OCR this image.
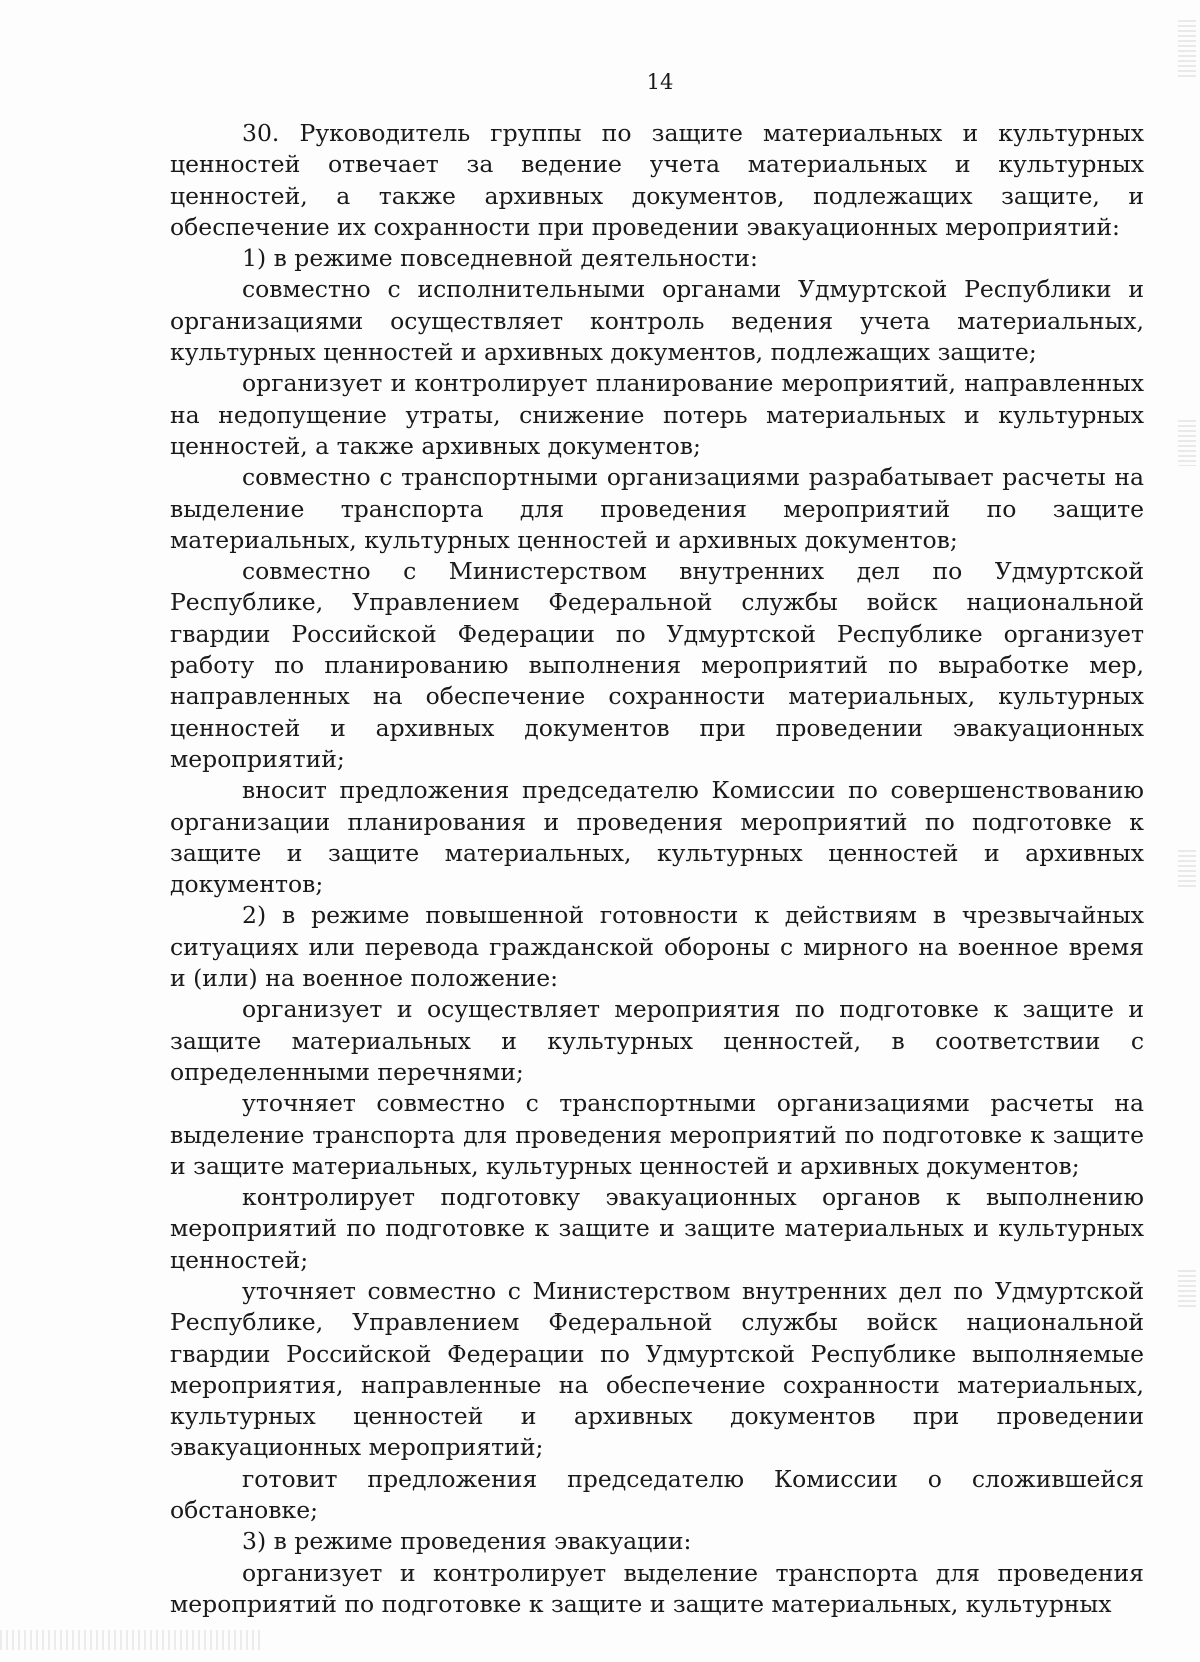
14

30. Руководитель группы по защите материальных и культурных ценностей отвечает за ведение учета материальных и культурных ценностей, а также архивных документов, подлежащих защите, и обеспечение их сохранности при проведении эвакуационных мероприятий:

1) в режиме повседневной деятельности:

совместно с исполнительными органами Удмуртской Республики и организациями осуществляет контроль ведения учета материальных, культурных ценностей и архивных документов, подлежащих защите;

организует и контролирует планирование мероприятий, направленных на недопущение утраты, снижение потерь материальных и культурных ценностей, а также архивных документов;

совместно с транспортными организациями разрабатывает расчеты на выделение транспорта для проведения мероприятий по защите материальных, культурных ценностей и архивных документов;

совместно с Министерством внутренних дел по Удмуртской Республике, Управлением Федеральной службы войск национальной гвардии Российской Федерации по Удмуртской Республике организует работу по планированию выполнения мероприятий по выработке мер, направленных на обеспечение сохранности материальных, культурных ценностей и архивных документов при проведении эвакуационных мероприятий;

вносит предложения председателю Комиссии по совершенствованию организации планирования и проведения мероприятий по подготовке к защите и защите материальных, культурных ценностей и архивных документов;

2) в режиме повышенной готовности к действиям в чрезвычайных ситуациях или перевода гражданской обороны с мирного на военное время и (или) на военное положение:

организует и осуществляет мероприятия по подготовке к защите и защите материальных и культурных ценностей, в соответствии с определенными перечнями;

уточняет совместно с транспортными организациями расчеты на выделение транспорта для проведения мероприятий по подготовке к защите и защите материальных, культурных ценностей и архивных документов;

контролирует подготовку эвакуационных органов к выполнению мероприятий по подготовке к защите и защите материальных и культурных ценностей;

уточняет совместно с Министерством внутренних дел по Удмуртской Республике, Управлением Федеральной службы войск национальной гвардии Российской Федерации по Удмуртской Республике выполняемые мероприятия, направленные на обеспечение сохранности материальных, культурных ценностей и архивных документов при проведении эвакуационных мероприятий;

готовит предложения председателю Комиссии о сложившейся обстановке;

3) в режиме проведения эвакуации:

организует и контролирует выделение транспорта для проведения мероприятий по подготовке к защите и защите материальных, культурных
